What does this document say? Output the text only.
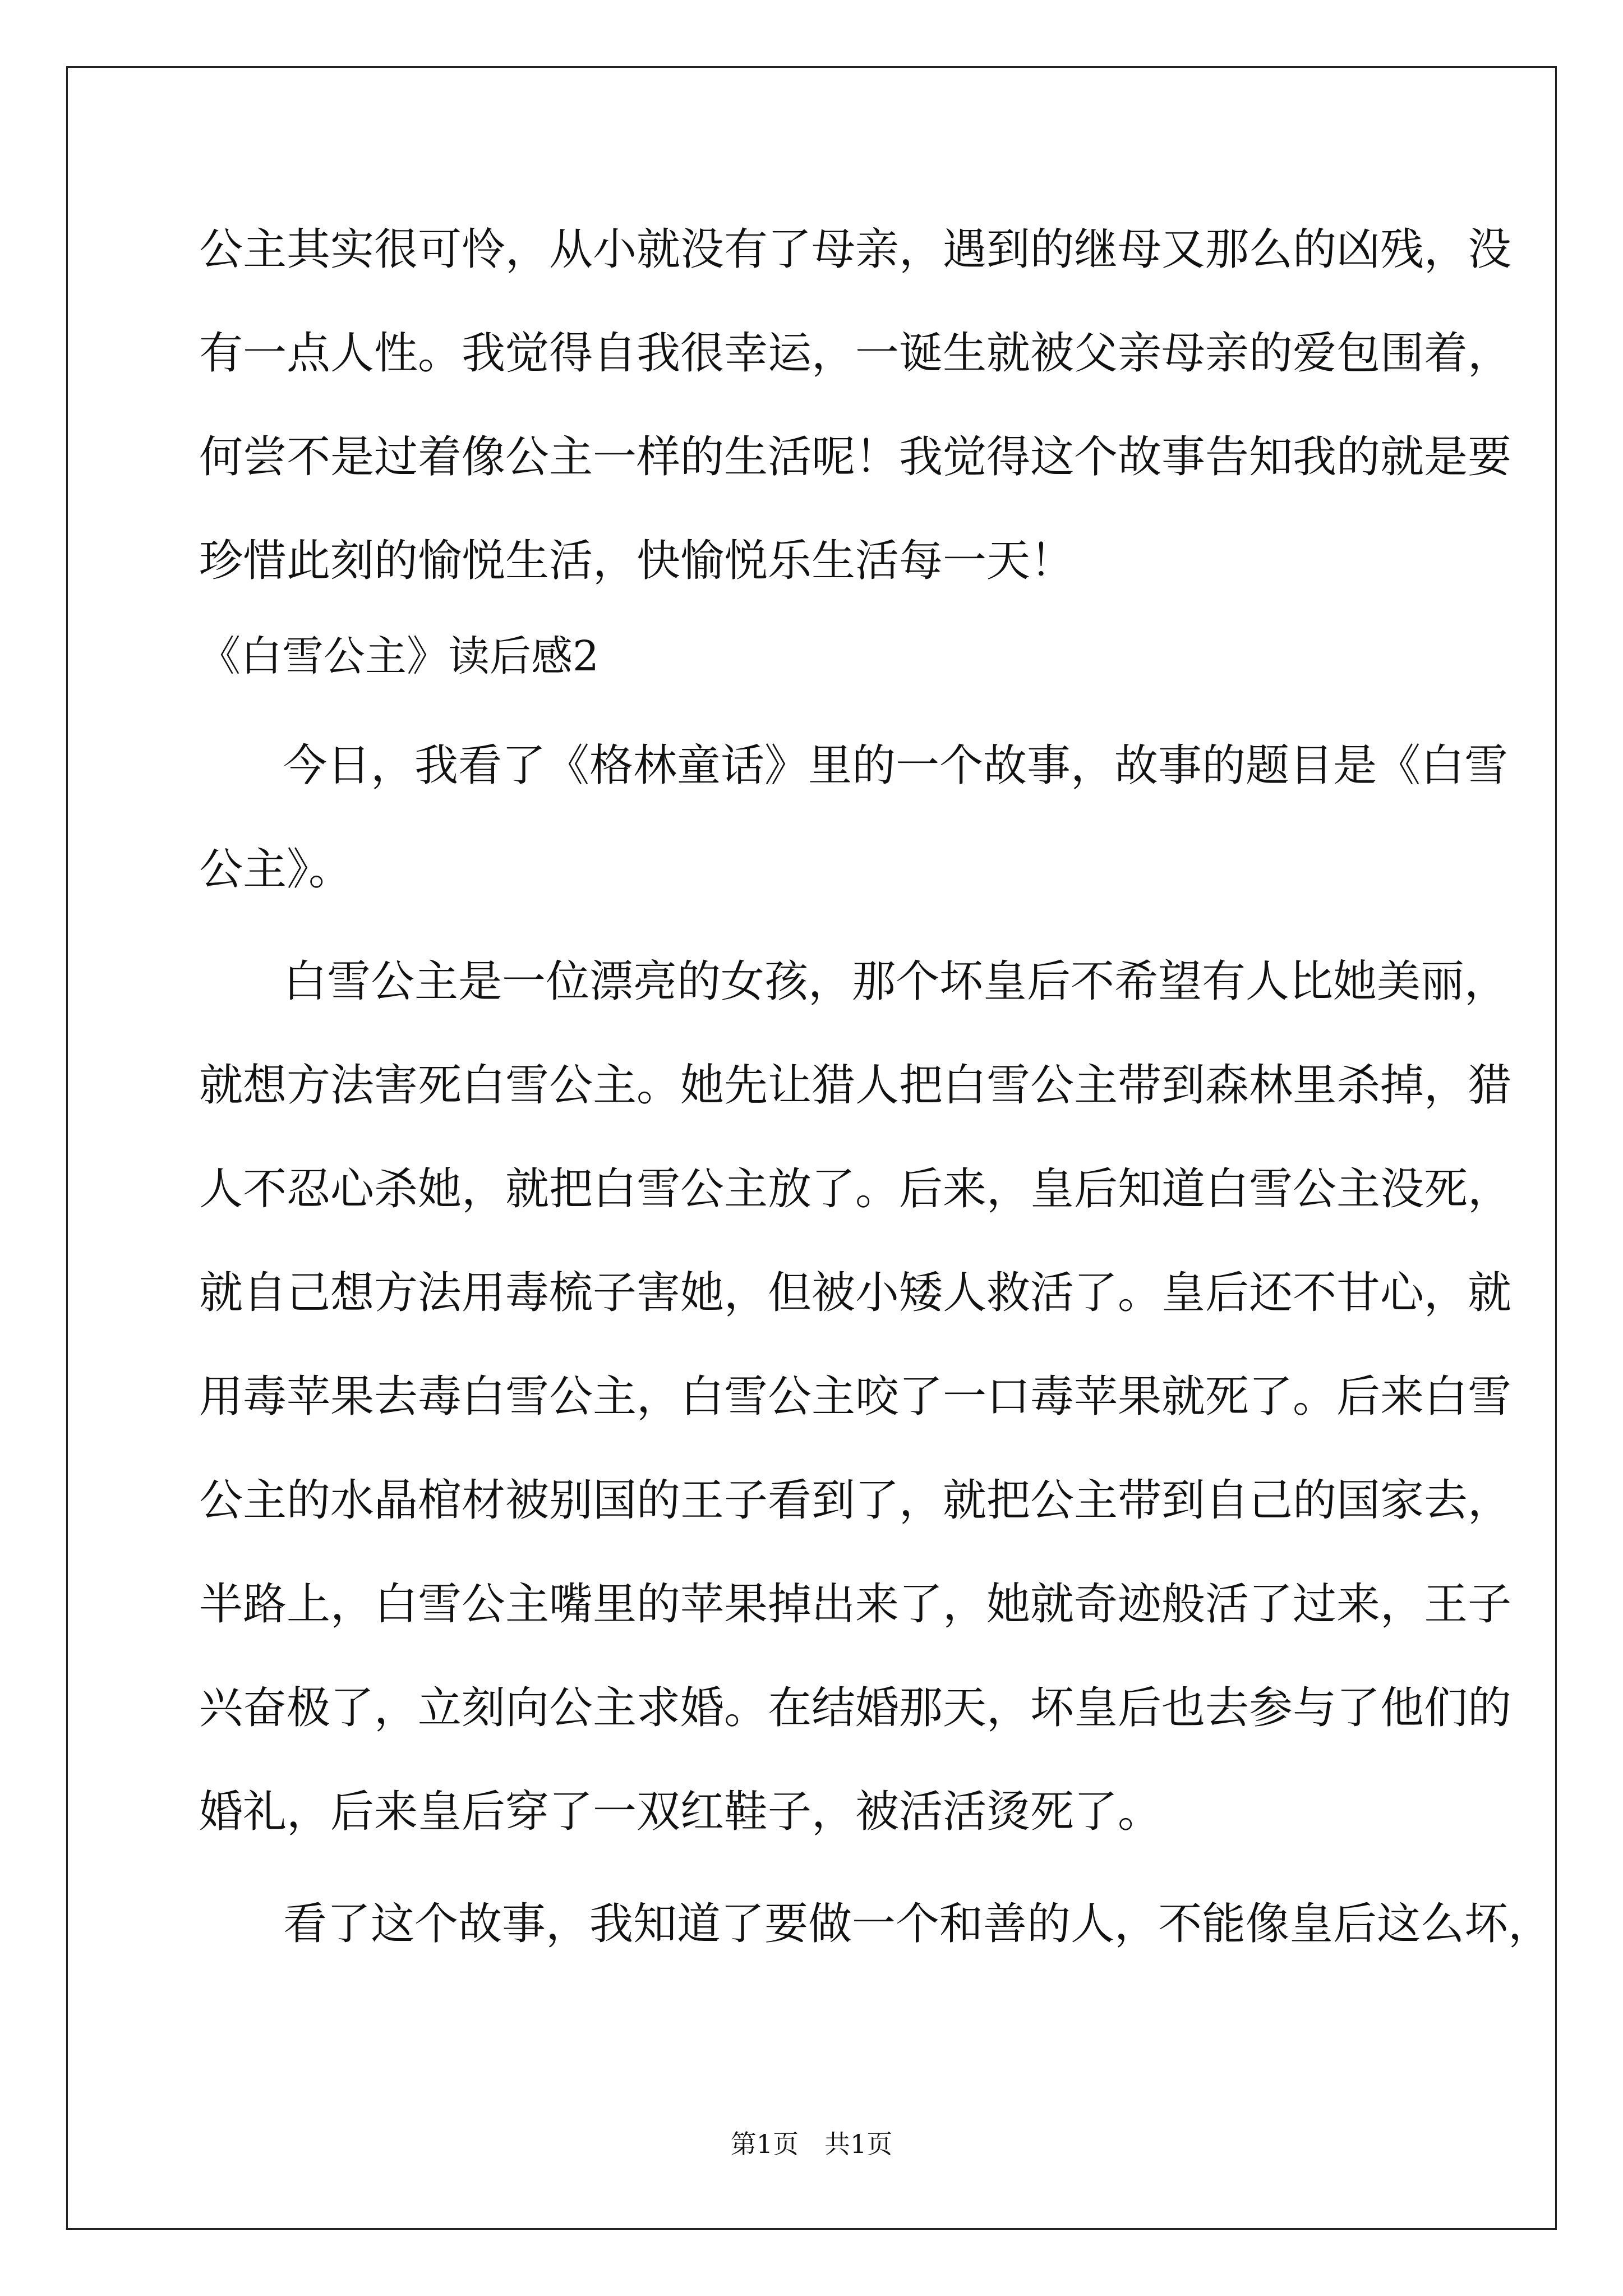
公主其实很可怜，从小就没有了母亲，遇到的继母又那么的凶残，没
有一点人性。我觉得自我很幸运，一诞生就被父亲母亲的爱包围着，
何尝不是过着像公主一样的生活呢！我觉得这个故事告知我的就是要
珍惜此刻的愉悦生活，快愉悦乐生活每一天！
《白雪公主》读后感2
今日，我看了《格林童话》里的一个故事，故事的题目是《白雪
公主》。
白雪公主是一位漂亮的女孩，那个坏皇后不希望有人比她美丽，
就想方法害死白雪公主。她先让猎人把白雪公主带到森林里杀掉，猎
人不忍心杀她，就把白雪公主放了。后来，皇后知道白雪公主没死，
就自己想方法用毒梳子害她，但被小矮人救活了。皇后还不甘心，就
用毒苹果去毒白雪公主，白雪公主咬了一口毒苹果就死了。后来白雪
公主的水晶棺材被别国的王子看到了，就把公主带到自己的国家去，
半路上，白雪公主嘴里的苹果掉出来了，她就奇迹般活了过来，王子
兴奋极了，立刻向公主求婚。在结婚那天，坏皇后也去参与了他们的
婚礼，后来皇后穿了一双红鞋子，被活活烫死了。
看了这个故事，我知道了要做一个和善的人，不能像皇后这么坏，
第1页　共1页
